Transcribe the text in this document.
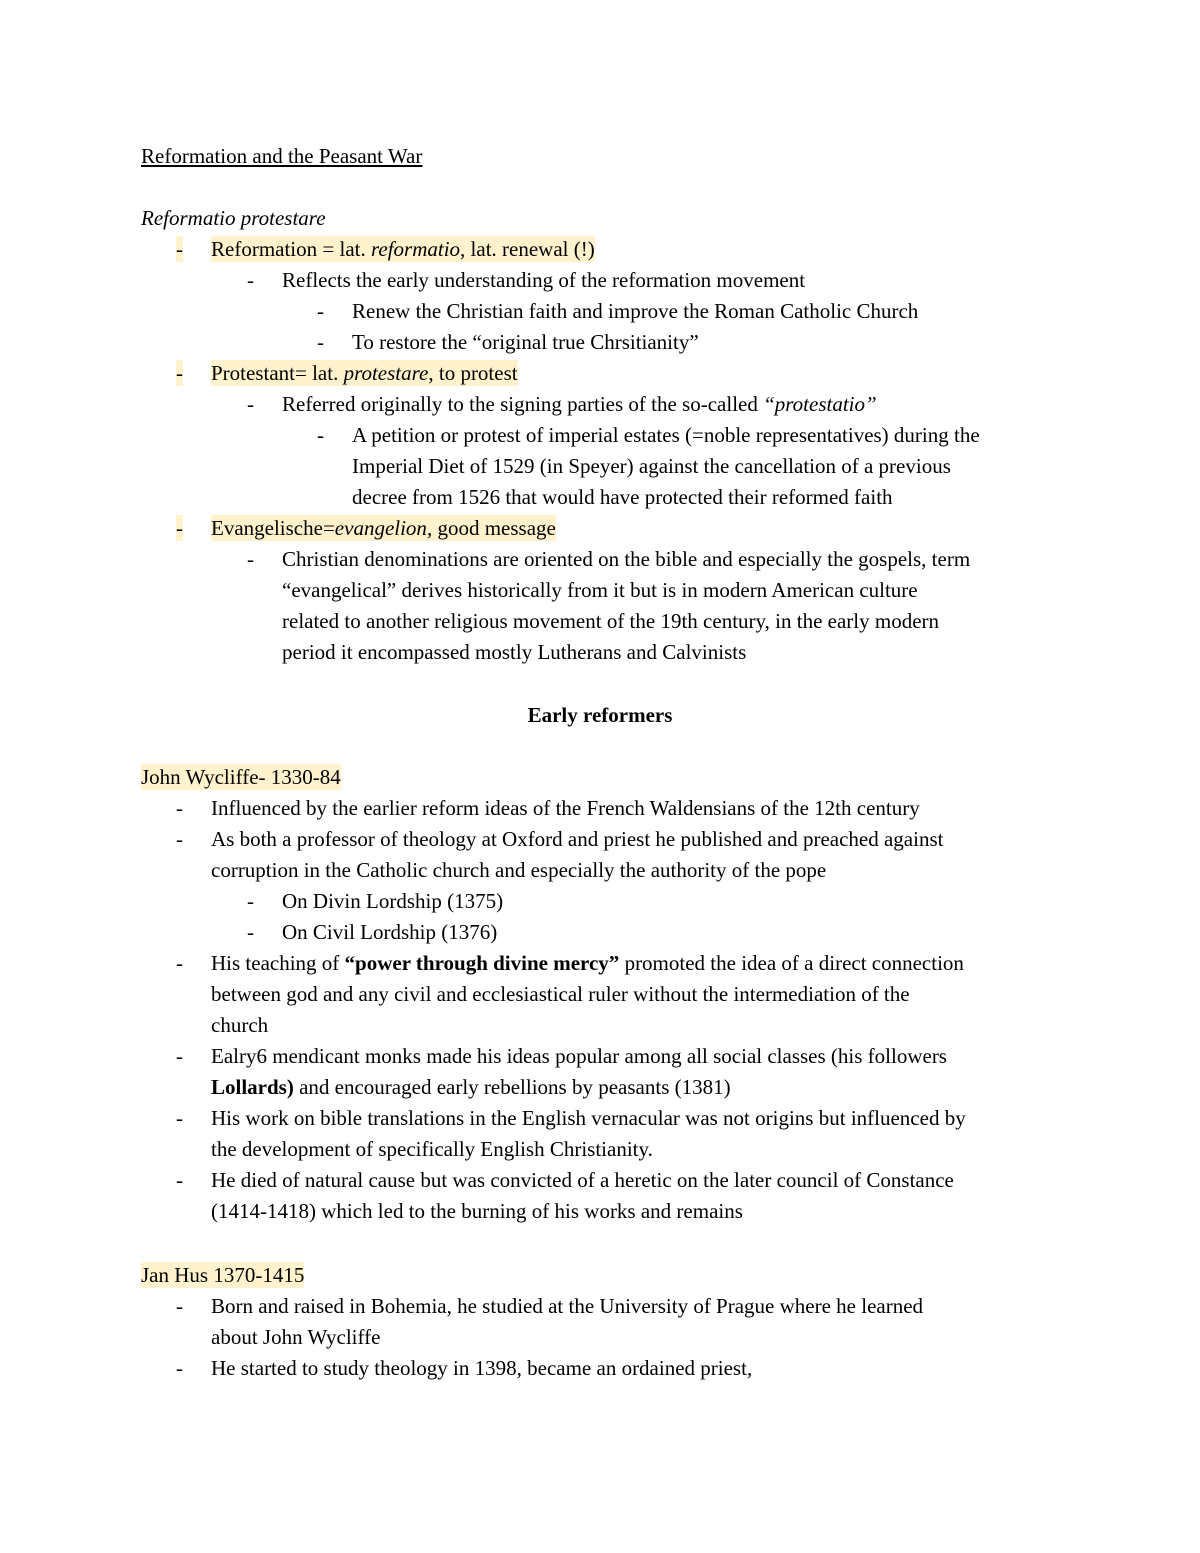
Reformation and the Peasant War
Reformatio protestare
- Reformation = lat. reformatio, lat. renewal (!)
- Reflects the early understanding of the reformation movement
- Renew the Christian faith and improve the Roman Catholic Church
- To restore the “original true Chrsitianity”
- Protestant= lat. protestare, to protest
- Referred originally to the signing parties of the so-called “protestatio”
- A petition or protest of imperial estates (=noble representatives) during the
Imperial Diet of 1529 (in Speyer) against the cancellation of a previous
decree from 1526 that would have protected their reformed faith
- Evangelische=evangelion, good message
- Christian denominations are oriented on the bible and especially the gospels, term
“evangelical” derives historically from it but is in modern American culture
related to another religious movement of the 19th century, in the early modern
period it encompassed mostly Lutherans and Calvinists
Early reformers
John Wycliffe- 1330-84
- Influenced by the earlier reform ideas of the French Waldensians of the 12th century
- As both a professor of theology at Oxford and priest he published and preached against
corruption in the Catholic church and especially the authority of the pope
- On Divin Lordship (1375)
- On Civil Lordship (1376)
- His teaching of “power through divine mercy” promoted the idea of a direct connection
between god and any civil and ecclesiastical ruler without the intermediation of the
church
- Ealry6 mendicant monks made his ideas popular among all social classes (his followers
Lollards) and encouraged early rebellions by peasants (1381)
- His work on bible translations in the English vernacular was not origins but influenced by
the development of specifically English Christianity.
- He died of natural cause but was convicted of a heretic on the later council of Constance
(1414-1418) which led to the burning of his works and remains
Jan Hus 1370-1415
- Born and raised in Bohemia, he studied at the University of Prague where he learned
about John Wycliffe
- He started to study theology in 1398, became an ordained priest,
